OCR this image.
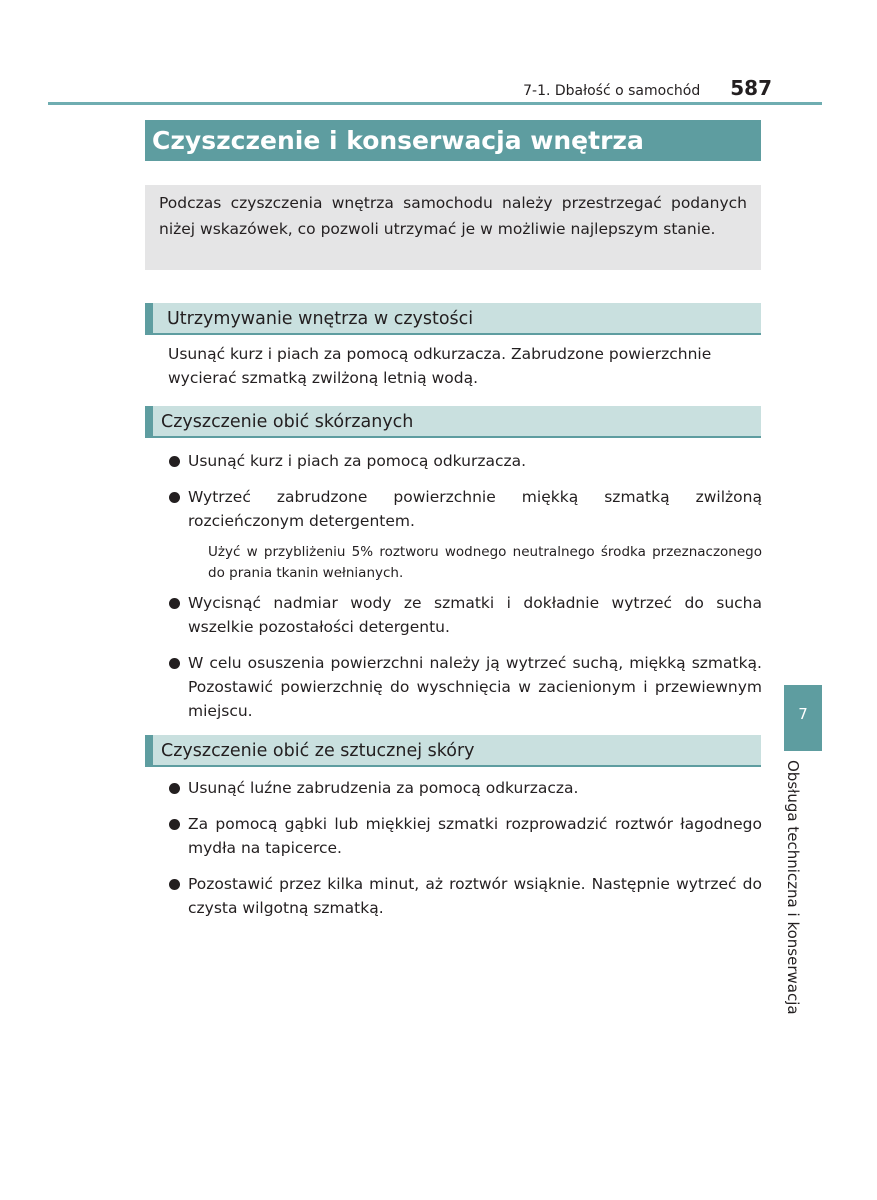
7-1. Dbałość o samochód 587
Czyszczenie i konserwacja wnętrza

Podczas czyszczenia wnętrza samochodu należy przestrzegać podanych niżej wskazówek, co pozwoli utrzymać je w możliwie najlepszym stanie.

Utrzymywanie wnętrza w czystości

Usunąć kurz i piach za pomocą odkurzacza. Zabrudzone powierzchnie wycierać szmatką zwilżoną letnią wodą.

Czyszczenie obić skórzanych
Usunąć kurz i piach za pomocą odkurzacza.
Wytrzeć zabrudzone powierzchnie miękką szmatką zwilżoną rozcieńczonym detergentem.
Użyć w przybliżeniu 5% roztworu wodnego neutralnego środka przeznaczonego do prania tkanin wełnianych.
Wycisnąć nadmiar wody ze szmatki i dokładnie wytrzeć do sucha wszelkie pozostałości detergentu.
W celu osuszenia powierzchni należy ją wytrzeć suchą, miękką szmatką. Pozostawić powierzchnię do wyschnięcia w zacienionym i przewiewnym miejscu.
Czyszczenie obić ze sztucznej skóry
Usunąć luźne zabrudzenia za pomocą odkurzacza.
Za pomocą gąbki lub miękkiej szmatki rozprowadzić roztwór łagodnego mydła na tapicerce.
Pozostawić przez kilka minut, aż roztwór wsiąknie. Następnie wytrzeć do czysta wilgotną szmatką.
7
Obsługa techniczna i konserwacja
